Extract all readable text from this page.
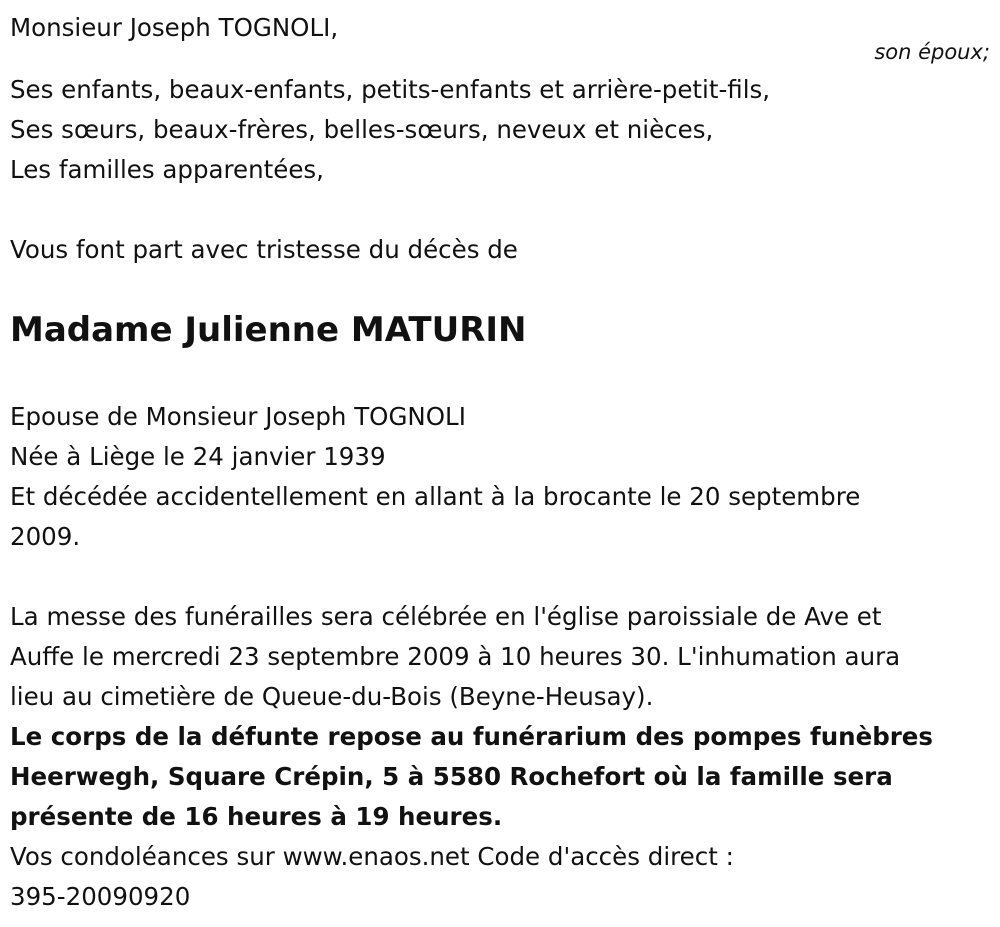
Monsieur Joseph TOGNOLI,
son époux;
Ses enfants, beaux-enfants, petits-enfants et arrière-petit-fils,
Ses sœurs, beaux-frères, belles-sœurs, neveux et nièces,
Les familles apparentées,
Vous font part avec tristesse du décès de
Madame Julienne MATURIN
Epouse de Monsieur Joseph TOGNOLI
Née à Liège le 24 janvier 1939
Et décédée accidentellement en allant à la brocante le 20 septembre
2009.
La messe des funérailles sera célébrée en l'église paroissiale de Ave et
Auffe le mercredi 23 septembre 2009 à 10 heures 30. L'inhumation aura
lieu au cimetière de Queue-du-Bois (Beyne-Heusay).
Le corps de la défunte repose au funérarium des pompes funèbres
Heerwegh, Square Crépin, 5 à 5580 Rochefort où la famille sera
présente de 16 heures à 19 heures.
Vos condoléances sur www.enaos.net Code d'accès direct :
395-20090920
